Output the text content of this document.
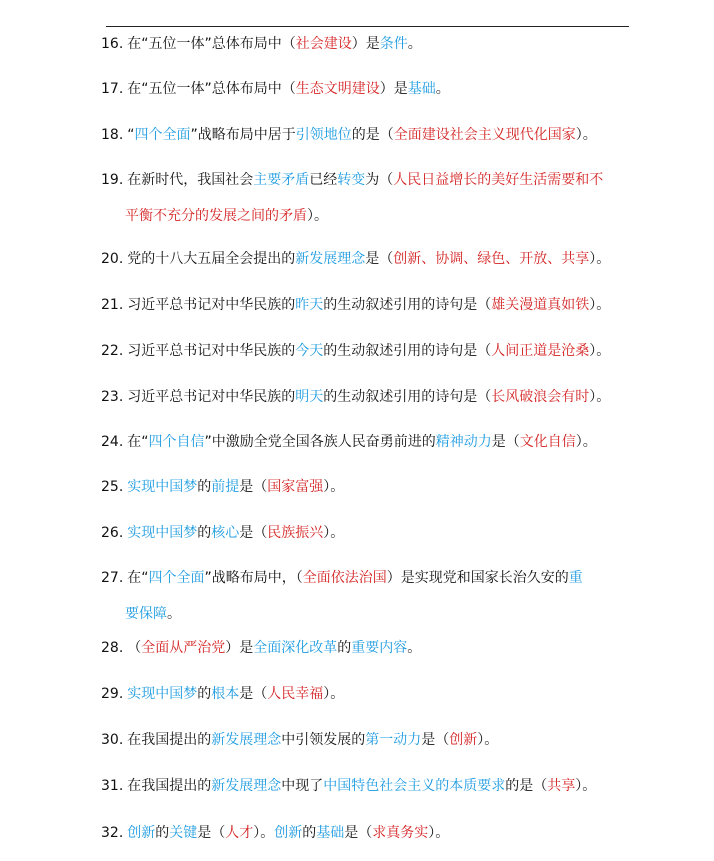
16. 在“五位一体”总体布局中（社会建设）是条件。
17. 在“五位一体”总体布局中（生态文明建设）是基础。
18. “四个全面”战略布局中居于引领地位的是（全面建设社会主义现代化国家）。
19. 在新时代，我国社会主要矛盾已经转变为（人民日益增长的美好生活需要和不
平衡不充分的发展之间的矛盾）。
20. 党的十八大五届全会提出的新发展理念是（创新、协调、绿色、开放、共享）。
21. 习近平总书记对中华民族的昨天的生动叙述引用的诗句是（雄关漫道真如铁）。
22. 习近平总书记对中华民族的今天的生动叙述引用的诗句是（人间正道是沧桑）。
23. 习近平总书记对中华民族的明天的生动叙述引用的诗句是（长风破浪会有时）。
24. 在“四个自信”中激励全党全国各族人民奋勇前进的精神动力是（文化自信）。
25. 实现中国梦的前提是（国家富强）。
26. 实现中国梦的核心是（民族振兴）。
27. 在“四个全面”战略布局中，（全面依法治国）是实现党和国家长治久安的重
要保障。
28. （全面从严治党）是全面深化改革的重要内容。
29. 实现中国梦的根本是（人民幸福）。
30. 在我国提出的新发展理念中引领发展的第一动力是（创新）。
31. 在我国提出的新发展理念中现了中国特色社会主义的本质要求的是（共享）。
32. 创新的关键是（人才）。创新的基础是（求真务实）。
